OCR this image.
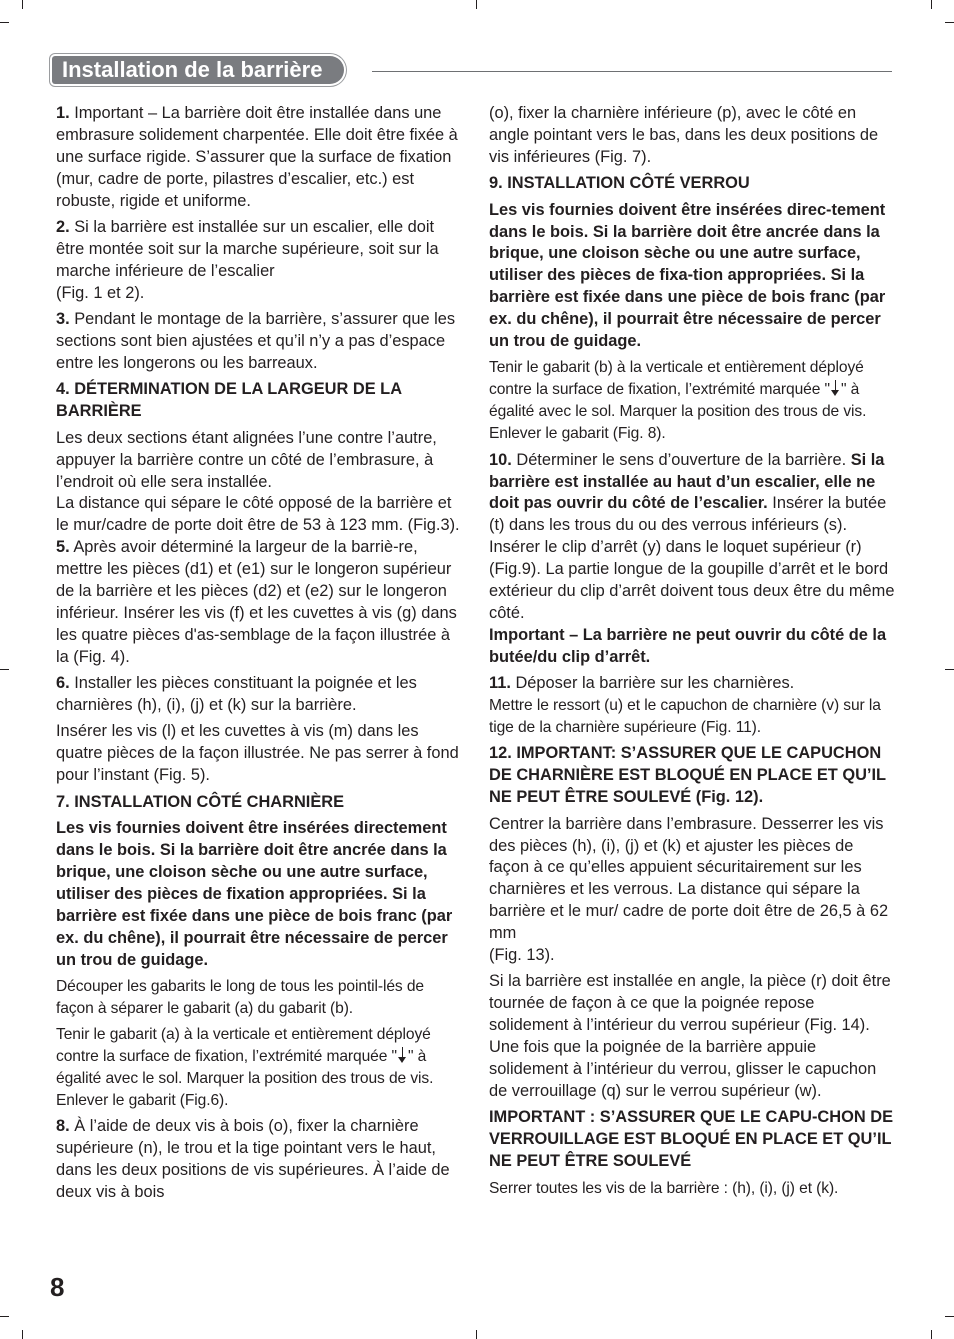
Installation de la barrière

1. Important – La barrière doit être installée dans une embrasure solidement charpentée. Elle doit être fixée à une surface rigide. S’assurer que la surface de fixation (mur, cadre de porte, pilastres d’escalier, etc.) est robuste, rigide et uniforme.

2. Si la barrière est installée sur un escalier, elle doit être montée soit sur la marche supérieure, soit sur la marche inférieure de l’escalier
(Fig. 1 et 2).

3. Pendant le montage de la barrière, s’assurer que les sections sont bien ajustées et qu’il n’y a pas d’espace entre les longerons ou les barreaux.

4. DÉTERMINATION DE LA LARGEUR DE LA BARRIÈRE

Les deux sections étant alignées l’une contre l’autre, appuyer la barrière contre un côté de l’embrasure, à l’endroit où elle sera installée.

La distance qui sépare le côté opposé de la barrière et le mur/cadre de porte doit être de 53 à 123 mm. (Fig.3).

5. Après avoir déterminé la largeur de la barriè-re, mettre les pièces (d1) et (e1) sur le longeron supérieur de la barrière et les pièces (d2) et (e2) sur le longeron inférieur. Insérer les vis (f) et les cuvettes à vis (g) dans les quatre pièces d'as-semblage de la façon illustrée à la (Fig. 4).

6. Installer les pièces constituant la poignée et les charnières (h), (i), (j) et (k) sur la barrière.

Insérer les vis (l) et les cuvettes à vis (m) dans les quatre pièces de la façon illustrée. Ne pas serrer à fond pour l’instant (Fig. 5).

7. INSTALLATION CÔTÉ CHARNIÈRE

Les vis fournies doivent être insérées directement dans le bois. Si la barrière doit être ancrée dans la brique, une cloison sèche ou une autre surface, utiliser des pièces de fixation appropriées. Si la barrière est fixée dans une pièce de bois franc (par ex. du chêne), il pourrait être nécessaire de percer un trou de guidage.

Découper les gabarits le long de tous les pointil-lés de façon à séparer le gabarit (a) du gabarit (b).

Tenir le gabarit (a) à la verticale et entièrement déployé contre la surface de fixation, l’extrémité marquée " " à égalité avec le sol. Marquer la position des trous de vis. Enlever le gabarit (Fig.6).

8. À l’aide de deux vis à bois (o), fixer la charnière supérieure (n), le trou et la tige pointant vers le haut, dans les deux positions de vis supérieures. À l’aide de deux vis à bois

(o), fixer la charnière inférieure (p), avec le côté en angle pointant vers le bas, dans les deux positions de vis inférieures (Fig. 7).

9. INSTALLATION CÔTÉ VERROU

Les vis fournies doivent être insérées direc-tement dans le bois. Si la barrière doit être ancrée dans la brique, une cloison sèche ou une autre surface, utiliser des pièces de fixa-tion appropriées. Si la barrière est fixée dans une pièce de bois franc (par ex. du chêne), il pourrait être nécessaire de percer un trou de guidage.

Tenir le gabarit (b) à la verticale et entièrement déployé contre la surface de fixation, l’extrémité marquée " " à égalité avec le sol. Marquer la position des trous de vis. Enlever le gabarit (Fig. 8).

10. Déterminer le sens d’ouverture de la barrière. Si la barrière est installée au haut d’un escalier, elle ne doit pas ouvrir du côté de l’escalier. Insérer la butée (t) dans les trous du ou des verrous inférieurs (s). Insérer le clip d’arrêt (y) dans le loquet supérieur (r) (Fig.9). La partie longue de la goupille d’arrêt et le bord extérieur du clip d’arrêt doivent tous deux être du même côté.

Important – La barrière ne peut ouvrir du côté de la butée/du clip d’arrêt.

11. Déposer la barrière sur les charnières.

Mettre le ressort (u) et le capuchon de charnière (v) sur la tige de la charnière supérieure (Fig. 11).

12. IMPORTANT: S’ASSURER QUE LE CAPUCHON DE CHARNIÈRE EST BLOQUÉ EN PLACE ET QU’IL NE PEUT ÊTRE SOULEVÉ (Fig. 12).

Centrer la barrière dans l’embrasure. Desserrer les vis des pièces (h), (i), (j) et (k) et ajuster les pièces de façon à ce qu’elles appuient sécuritairement sur les charnières et les verrous. La distance qui sépare la barrière et le mur/ cadre de porte doit être de 26,5 à 62 mm
(Fig. 13).

Si la barrière est installée en angle, la pièce (r) doit être tournée de façon à ce que la poignée repose solidement à l’intérieur du verrou supérieur (Fig. 14). Une fois que la poignée de la barrière appuie solidement à l’intérieur du verrou, glisser le capuchon de verrouillage (q) sur le verrou supérieur (w).

IMPORTANT : S’ASSURER QUE LE CAPU-CHON DE VERROUILLAGE EST BLOQUÉ EN PLACE ET QU’IL NE PEUT ÊTRE SOULEVÉ

Serrer toutes les vis de la barrière : (h), (i), (j) et (k).

8
